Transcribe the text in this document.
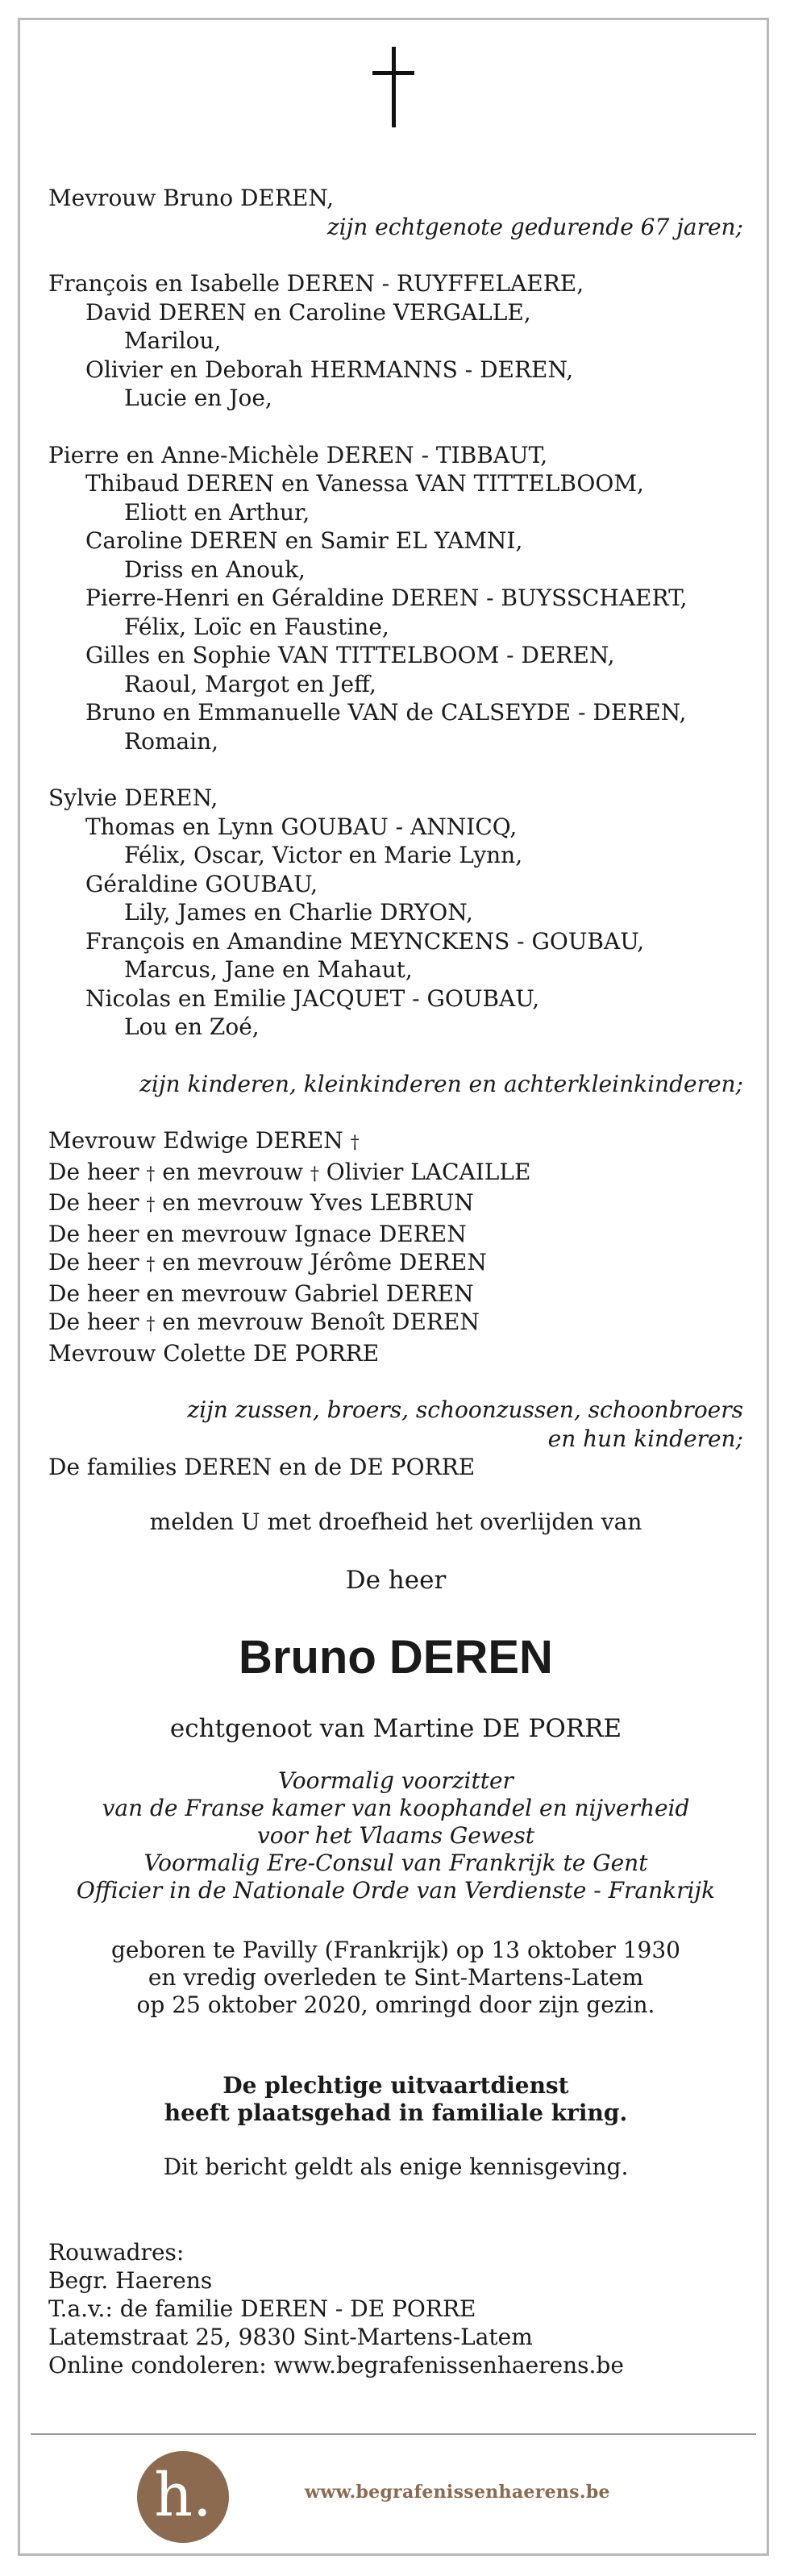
Mevrouw Bruno DEREN,
zijn echtgenote gedurende 67 jaren;
François en Isabelle DEREN - RUYFFELAERE,
David DEREN en Caroline VERGALLE,
Marilou,
Olivier en Deborah HERMANNS - DEREN,
Lucie en Joe,
Pierre en Anne-Michèle DEREN - TIBBAUT,
Thibaud DEREN en Vanessa VAN TITTELBOOM,
Eliott en Arthur,
Caroline DEREN en Samir EL YAMNI,
Driss en Anouk,
Pierre-Henri en Géraldine DEREN - BUYSSCHAERT,
Félix, Loïc en Faustine,
Gilles en Sophie VAN TITTELBOOM - DEREN,
Raoul, Margot en Jeff,
Bruno en Emmanuelle VAN de CALSEYDE - DEREN,
Romain,
Sylvie DEREN,
Thomas en Lynn GOUBAU - ANNICQ,
Félix, Oscar, Victor en Marie Lynn,
Géraldine GOUBAU,
Lily, James en Charlie DRYON,
François en Amandine MEYNCKENS - GOUBAU,
Marcus, Jane en Mahaut,
Nicolas en Emilie JACQUET - GOUBAU,
Lou en Zoé,
zijn kinderen, kleinkinderen en achterkleinkinderen;
Mevrouw Edwige DEREN †
De heer † en mevrouw † Olivier LACAILLE
De heer † en mevrouw Yves LEBRUN
De heer en mevrouw Ignace DEREN
De heer † en mevrouw Jérôme DEREN
De heer en mevrouw Gabriel DEREN
De heer † en mevrouw Benoît DEREN
Mevrouw Colette DE PORRE
zijn zussen, broers, schoonzussen, schoonbroers
en hun kinderen;
De families DEREN en de DE PORRE
melden U met droefheid het overlijden van
De heer
Bruno DEREN
echtgenoot van Martine DE PORRE
Voormalig voorzitter
van de Franse kamer van koophandel en nijverheid
voor het Vlaams Gewest
Voormalig Ere-Consul van Frankrijk te Gent
Officier in de Nationale Orde van Verdienste - Frankrijk
geboren te Pavilly (Frankrijk) op 13 oktober 1930
en vredig overleden te Sint-Martens-Latem
op 25 oktober 2020, omringd door zijn gezin.
De plechtige uitvaartdienst
heeft plaatsgehad in familiale kring.
Dit bericht geldt als enige kennisgeving.
Rouwadres:
Begr. Haerens
T.a.v.: de familie DEREN - DE PORRE
Latemstraat 25, 9830 Sint-Martens-Latem
Online condoleren: www.begrafenissenhaerens.be
h.	www.begrafenissenhaerens.be
